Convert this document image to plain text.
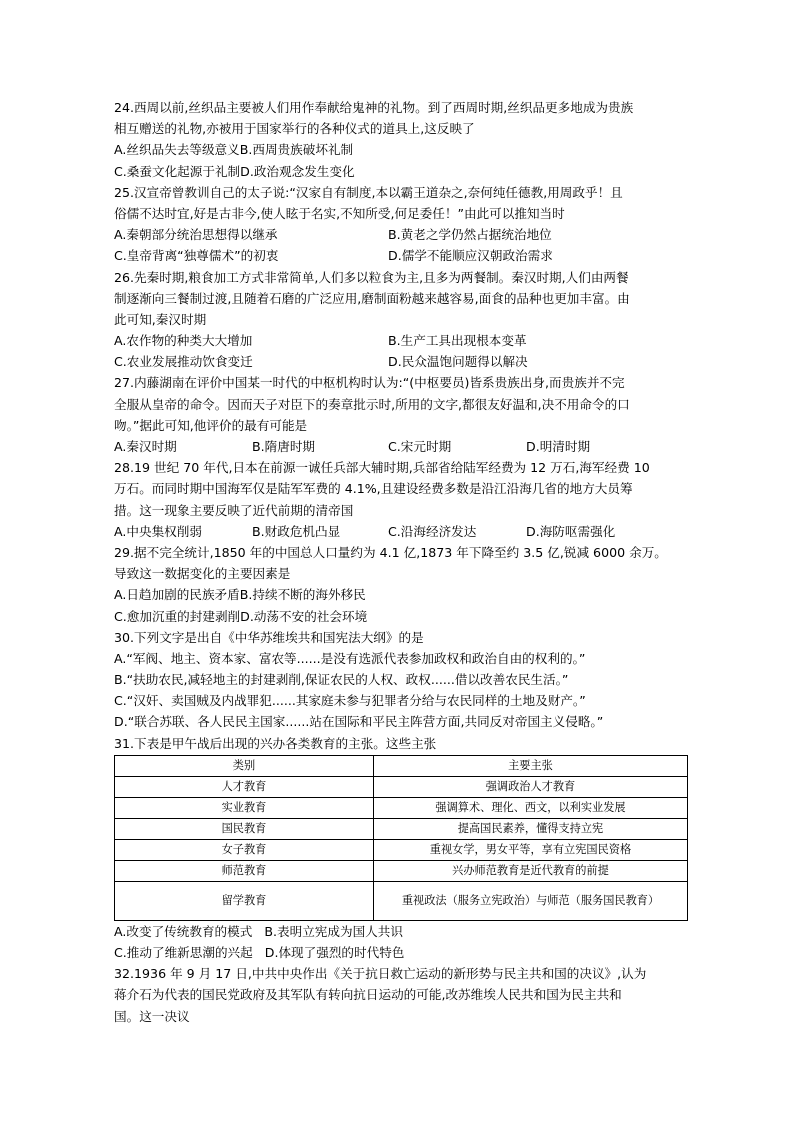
24.西周以前,丝织品主要被人们用作奉献给鬼神的礼物。到了西周时期,丝织品更多地成为贵族
相互赠送的礼物,亦被用于国家举行的各种仪式的道具上,这反映了
A.丝织品失去等级意义B.西周贵族破坏礼制
C.桑蚕文化起源于礼制D.政治观念发生变化
25.汉宣帝曾教训自己的太子说:“汉家自有制度,本以霸王道杂之,奈何纯任德教,用周政乎！且
俗儒不达时宜,好是古非今,使人眩于名实,不知所受,何足委任！”由此可以推知当时
A.秦朝部分统治思想得以继承	B.黄老之学仍然占据统治地位
C.皇帝背离“独尊儒术”的初衷	D.儒学不能顺应汉朝政治需求
26.先秦时期,粮食加工方式非常简单,人们多以粒食为主,且多为两餐制。秦汉时期,人们由两餐
制逐渐向三餐制过渡,且随着石磨的广泛应用,磨制面粉越来越容易,面食的品种也更加丰富。由
此可知,秦汉时期
A.农作物的种类大大增加	B.生产工具出现根本变革
C.农业发展推动饮食变迁	D.民众温饱问题得以解决
27.内藤湖南在评价中国某一时代的中枢机构时认为:“(中枢要员)皆系贵族出身,而贵族并不完
全服从皇帝的命令。因而天子对臣下的奏章批示时,所用的文字,都很友好温和,决不用命令的口
吻。”据此可知,他评价的最有可能是
A.秦汉时期	B.隋唐时期	C.宋元时期	D.明清时期
28.19 世纪 70 年代,日本在前源一诚任兵部大辅时期,兵部省给陆军经费为 12 万石,海军经费 10
万石。而同时期中国海军仅是陆军军费的 4.1%,且建设经费多数是沿江沿海几省的地方大员筹
措。这一现象主要反映了近代前期的清帝国
A.中央集权削弱	B.财政危机凸显	C.沿海经济发达	D.海防呕需强化
29.据不完全统计,1850 年的中国总人口量约为 4.1 亿,1873 年下降至约 3.5 亿,锐减 6000 余万。
导致这一数据变化的主要因素是
A.日趋加剧的民族矛盾B.持续不断的海外移民
C.愈加沉重的封建剥削D.动荡不安的社会环境
30.下列文字是出自《中华苏维埃共和国宪法大纲》的是
A.“军阀、地主、资本家、富农等......是没有选派代表参加政权和政治自由的权利的。”
B.“扶助农民,减轻地主的封建剥削,保证农民的人权、政权......借以改善农民生活。”
C.“汉奸、卖国贼及内战罪犯......其家庭未参与犯罪者分给与农民同样的土地及财产。”
D.“联合苏联、各人民民主国家......站在国际和平民主阵营方面,共同反对帝国主义侵略。”
31.下表是甲午战后出现的兴办各类教育的主张。这些主张
类别	主要主张
人才教育	强调政治人才教育
实业教育	强调算术、理化、西文，以利实业发展
国民教育	提高国民素养，懂得支持立宪
女子教育	重视女学，男女平等，享有立宪国民资格
师范教育	兴办师范教育是近代教育的前提
留学教育	重视政法（服务立宪政治）与师范（服务国民教育）
A.改变了传统教育的模式 B.表明立宪成为国人共识
C.推动了维新思潮的兴起 D.体现了强烈的时代特色
32.1936 年 9 月 17 日,中共中央作出《关于抗日救亡运动的新形势与民主共和国的决议》,认为
蒋介石为代表的国民党政府及其军队有转向抗日运动的可能,改苏维埃人民共和国为民主共和
国。这一决议
